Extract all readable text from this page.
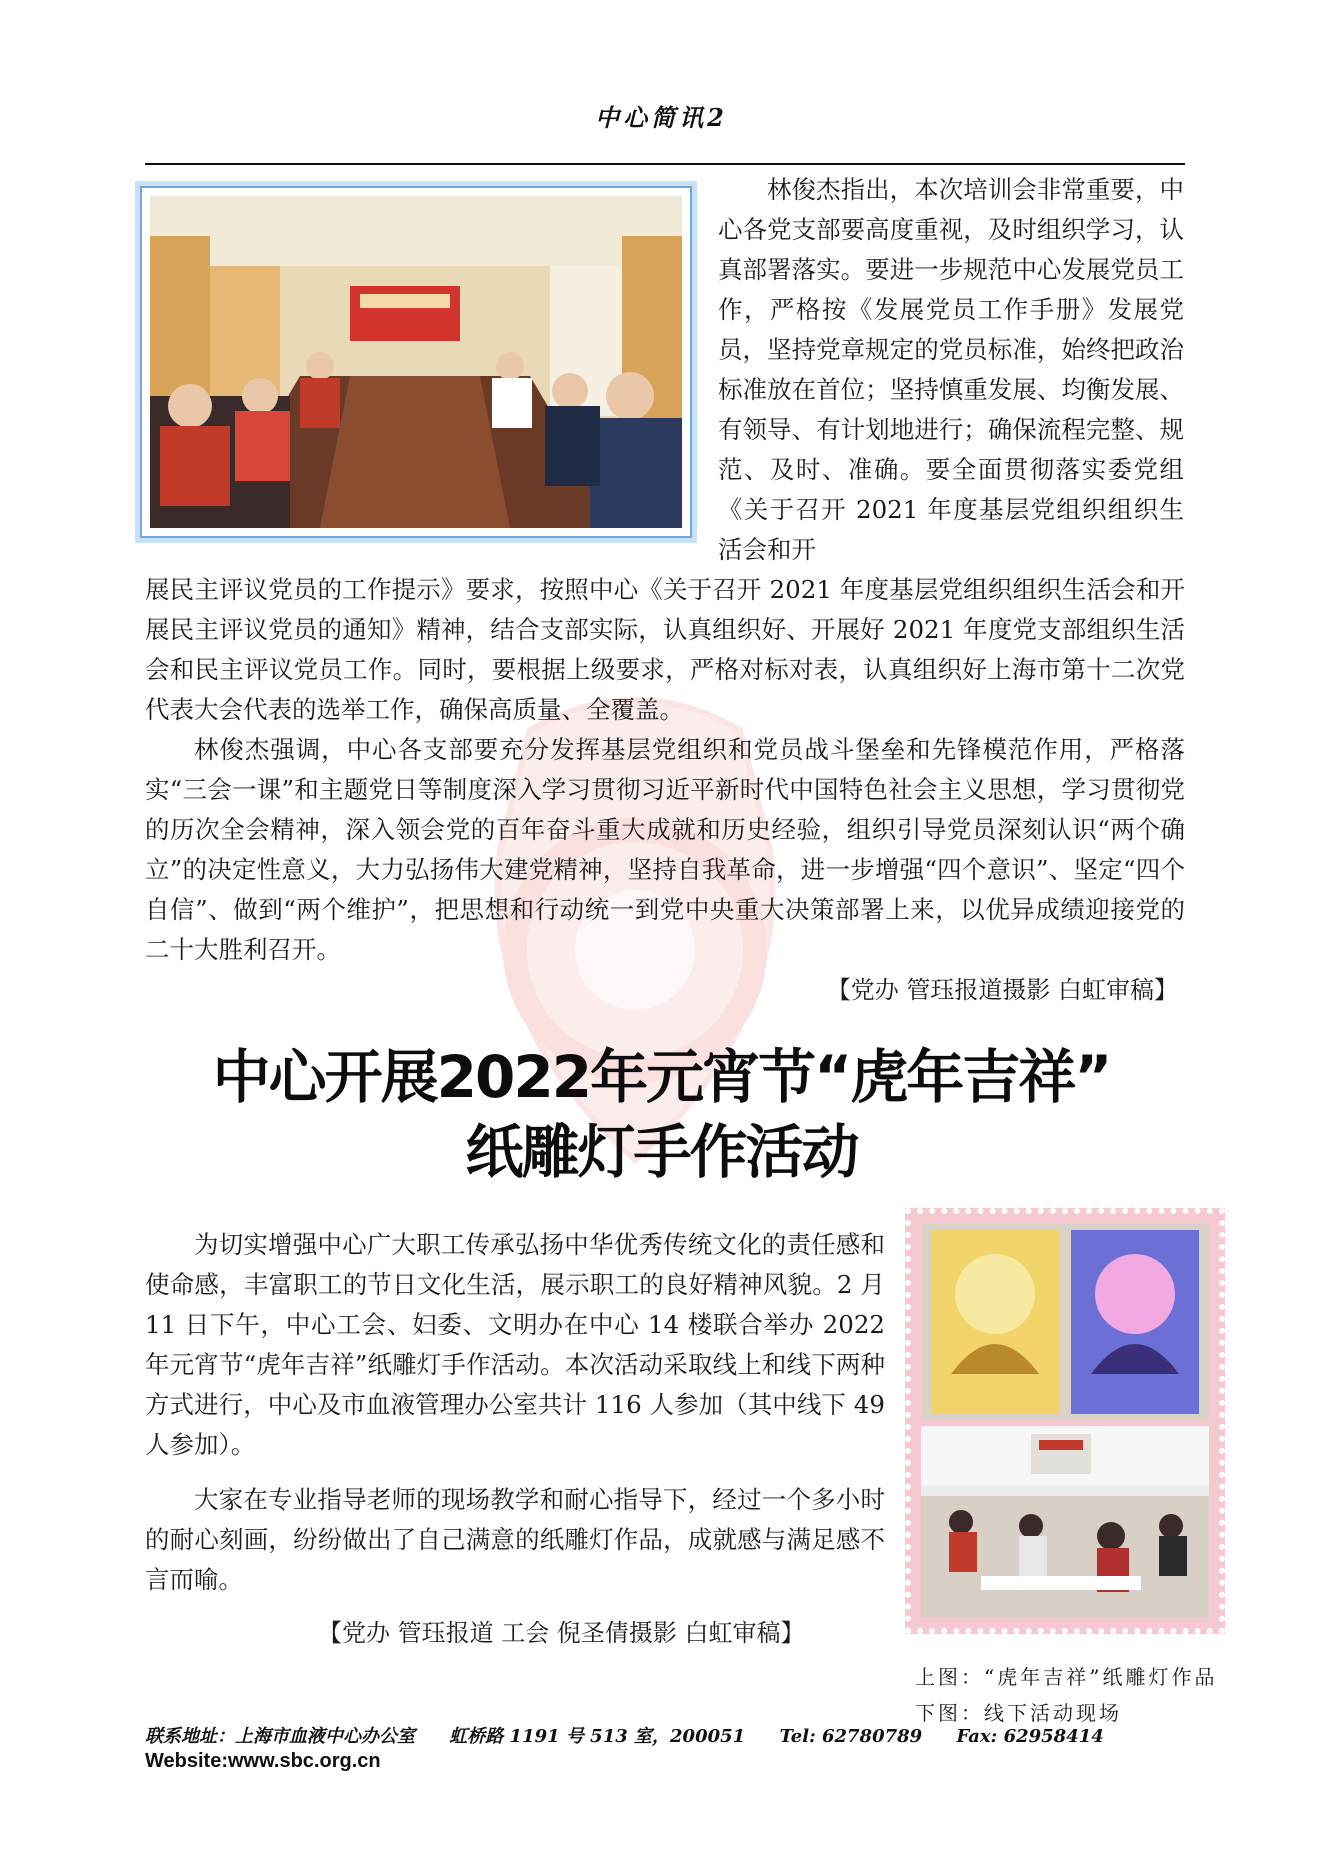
中心简讯2

林俊杰指出，本次培训会非常重要，中心各党支部要高度重视，及时组织学习，认真部署落实。要进一步规范中心发展党员工作，严格按《发展党员工作手册》发展党员，坚持党章规定的党员标准，始终把政治标准放在首位；坚持慎重发展、均衡发展、有领导、有计划地进行；确保流程完整、规范、及时、准确。要全面贯彻落实委党组《关于召开 2021 年度基层党组织组织生活会和开

展民主评议党员的工作提示》要求，按照中心《关于召开 2021 年度基层党组织组织生活会和开展民主评议党员的通知》精神，结合支部实际，认真组织好、开展好 2021 年度党支部组织生活会和民主评议党员工作。同时，要根据上级要求，严格对标对表，认真组织好上海市第十二次党代表大会代表的选举工作，确保高质量、全覆盖。

林俊杰强调，中心各支部要充分发挥基层党组织和党员战斗堡垒和先锋模范作用，严格落实“三会一课”和主题党日等制度深入学习贯彻习近平新时代中国特色社会主义思想，学习贯彻党的历次全会精神，深入领会党的百年奋斗重大成就和历史经验，组织引导党员深刻认识“两个确立”的决定性意义，大力弘扬伟大建党精神，坚持自我革命，进一步增强“四个意识”、坚定“四个自信”、做到“两个维护”，把思想和行动统一到党中央重大决策部署上来，以优异成绩迎接党的二十大胜利召开。

【党办 管珏报道摄影 白虹审稿】
中心开展2022年元宵节“虎年吉祥”
纸雕灯手作活动

为切实增强中心广大职工传承弘扬中华优秀传统文化的责任感和使命感，丰富职工的节日文化生活，展示职工的良好精神风貌。2 月 11 日下午，中心工会、妇委、文明办在中心 14 楼联合举办 2022 年元宵节“虎年吉祥”纸雕灯手作活动。本次活动采取线上和线下两种方式进行，中心及市血液管理办公室共计 116 人参加（其中线下 49 人参加）。

大家在专业指导老师的现场教学和耐心指导下，经过一个多小时的耐心刻画，纷纷做出了自己满意的纸雕灯作品，成就感与满足感不言而喻。

【党办 管珏报道 工会 倪圣倩摄影 白虹审稿】
上图：“虎年吉祥”纸雕灯作品
下图：线下活动现场
联系地址：上海市血液中心办公室 虹桥路 1191 号 513 室，200051 Tel: 62780789 Fax: 62958414
Website:www.sbc.org.cn
